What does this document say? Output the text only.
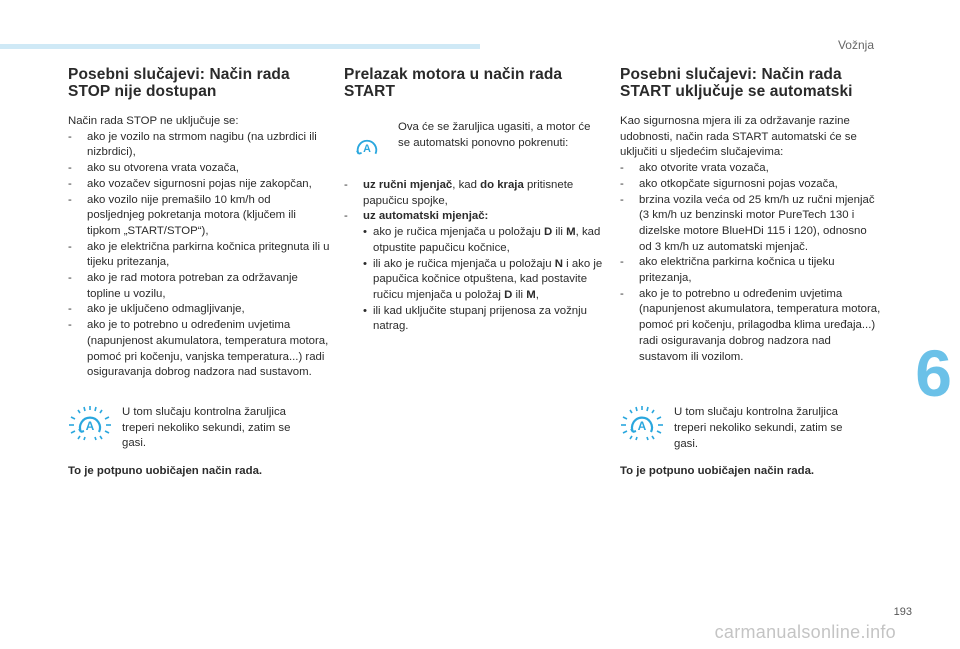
Vožnja
6
Posebni slučajevi: Način rada STOP nije dostupan

Način rada STOP ne uključuje se:

- ako je vozilo na strmom nagibu (na uzbrdici ili nizbrdici),
- ako su otvorena vrata vozača,
- ako vozačev sigurnosni pojas nije zakopčan,
- ako vozilo nije premašilo 10 km/h od posljednjeg pokretanja motora (ključem ili tipkom „START/STOP“),
- ako je električna parkirna kočnica pritegnuta ili u tijeku pritezanja,
- ako je rad motora potreban za održavanje topline u vozilu,
- ako je uključeno odmagljivanje,
- ako je to potrebno u određenim uvjetima (napunjenost akumulatora, temperatura motora, pomoć pri kočenju, vanjska temperatura...) radi osiguravanja dobrog nadzora nad sustavom.
A
U tom slučaju kontrolna žaruljica treperi nekoliko sekundi, zatim se gasi.
To je potpuno uobičajen način rada.
Prelazak motora u način rada START
A
Ova će se žaruljica ugasiti, a motor će se automatski ponovno pokrenuti:
- uz ručni mjenjač, kad do kraja pritisnete papučicu spojke,
- uz automatski mjenjač:
• ako je ručica mjenjača u položaju D ili M, kad otpustite papučicu kočnice,
• ili ako je ručica mjenjača u položaju N i ako je papučica kočnice otpuštena, kad postavite ručicu mjenjača u položaj D ili M,
• ili kad uključite stupanj prijenosa za vožnju natrag.
Posebni slučajevi: Način rada START uključuje se automatski

Kao sigurnosna mjera ili za održavanje razine udobnosti, način rada START automatski će se uključiti u sljedećim slučajevima:

- ako otvorite vrata vozača,
- ako otkopčate sigurnosni pojas vozača,
- brzina vozila veća od 25 km/h uz ručni mjenjač (3 km/h uz benzinski motor PureTech 130 i dizelske motore BlueHDi 115 i 120), odnosno od 3 km/h uz automatski mjenjač.
- ako električna parkirna kočnica u tijeku pritezanja,
- ako je to potrebno u određenim uvjetima (napunjenost akumulatora, temperatura motora, pomoć pri kočenju, prilagodba klima uređaja...) radi osiguravanja dobrog nadzora nad sustavom ili vozilom.
A
U tom slučaju kontrolna žaruljica treperi nekoliko sekundi, zatim se gasi.
To je potpuno uobičajen način rada.
193
carmanualsonline.info
